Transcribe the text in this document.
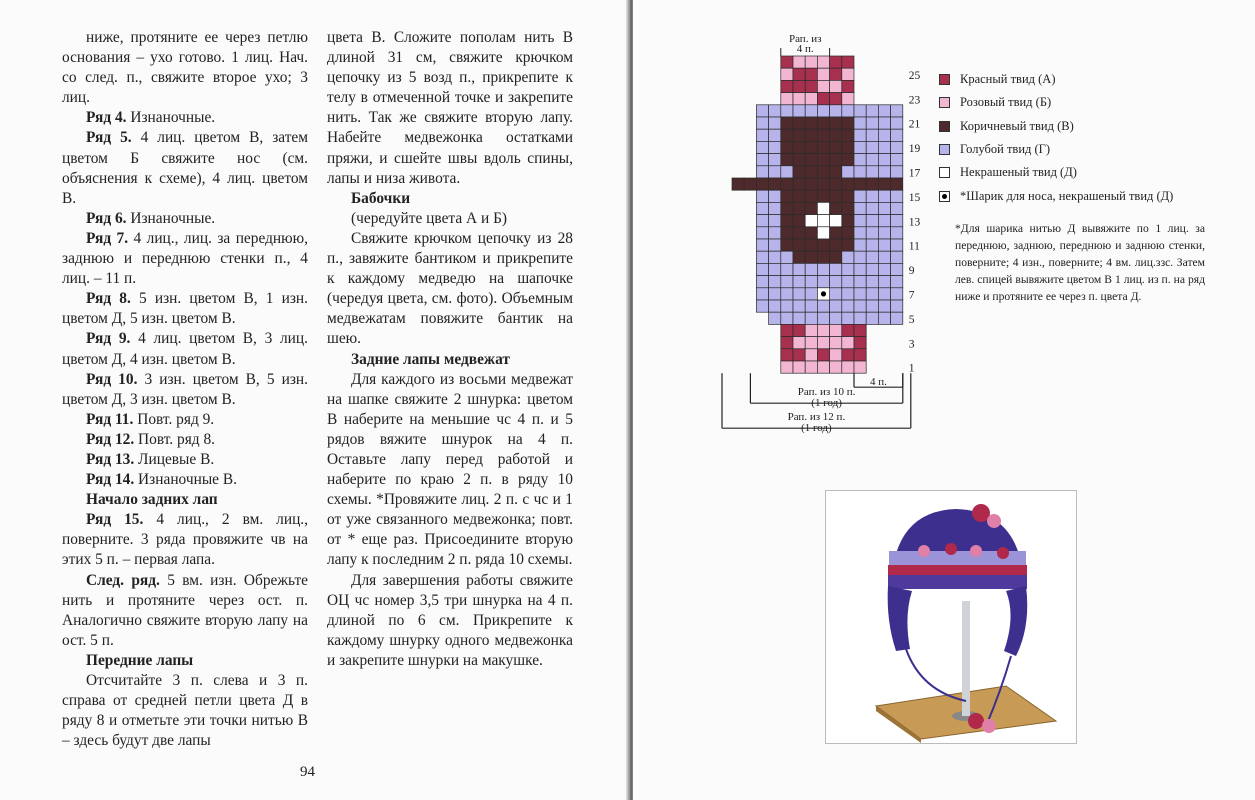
ниже, протяните ее через петлю основания – ухо готово. 1 лиц. Нач. со след. п., свяжите второе ухо; 3 лиц.

Ряд 4. Изнаночные.

Ряд 5. 4 лиц. цветом В, затем цветом Б свяжите нос (см. объяснения к схеме), 4 лиц. цветом В.

Ряд 6. Изнаночные.

Ряд 7. 4 лиц., лиц. за переднюю, заднюю и переднюю стенки п., 4 лиц. – 11 п.

Ряд 8. 5 изн. цветом В, 1 изн. цветом Д, 5 изн. цветом В.

Ряд 9. 4 лиц. цветом В, 3 лиц. цветом Д, 4 изн. цветом В.

Ряд 10. 3 изн. цветом В, 5 изн. цветом Д, 3 изн. цветом В.

Ряд 11. Повт. ряд 9.

Ряд 12. Повт. ряд 8.

Ряд 13. Лицевые В.

Ряд 14. Изнаночные В.

Начало задних лап

Ряд 15. 4 лиц., 2 вм. лиц., поверните. 3 ряда провяжите чв на этих 5 п. – первая лапа.

След. ряд. 5 вм. изн. Обрежьте нить и протяните через ост. п. Аналогично свяжите вторую лапу на ост. 5 п.

Передние лапы

Отсчитайте 3 п. слева и 3 п. справа от средней петли цвета Д в ряду 8 и отметьте эти точки нитью В – здесь будут две лапы

цвета В. Сложите пополам нить В длиной 31 см, свяжите крючком цепочку из 5 возд п., прикрепите к телу в отмеченной точке и закрепите нить. Так же свяжите вторую лапу. Набейте медвежонка остатками пряжи, и сшейте швы вдоль спины, лапы и низа живота.

Бабочки

(чередуйте цвета А и Б)

Свяжите крючком цепочку из 28 п., завяжите бантиком и прикрепите к каждому медведю на шапочке (чередуя цвета, см. фото). Объемным медвежатам повяжите бантик на шею.

Задние лапы медвежат

Для каждого из восьми медвежат на шапке свяжите 2 шнурка: цветом В наберите на меньшие чс 4 п. и 5 рядов вяжите шнурок на 4 п. Оставьте лапу перед работой и наберите по краю 2 п. в ряду 10 схемы. *Провяжите лиц. 2 п. с чс и 1 от уже связанного медвежонка; повт. от * еще раз. Присоедините вторую лапу к последним 2 п. ряда 10 схемы.

Для завершения работы свяжите ОЦ чс номер 3,5 три шнурка на 4 п. длиной по 6 см. Прикрепите к каждому шнурку одного медвежонка и закрепите шнурки на макушке.

94
1
3
5
7
9
11
13
15
17
19
21
23
25
Рап. из
4 п.
4 п.
Рап. из 10 п.
(1 год)
Рап. из 12 п.
(1 год)
Красный твид (А)
Розовый твид (Б)
Коричневый твид (В)
Голубой твид (Г)
Некрашеный твид (Д)
*Шарик для носа, некрашеный твид (Д)
*Для шарика нитью Д вывяжите по 1 лиц. за переднюю, заднюю, переднюю и заднюю стенки, поверните; 4 изн., поверните; 4 вм. лиц.ззс. Затем лев. спицей вывяжите цветом В 1 лиц. из п. на ряд ниже и протяните ее через п. цвета Д.
